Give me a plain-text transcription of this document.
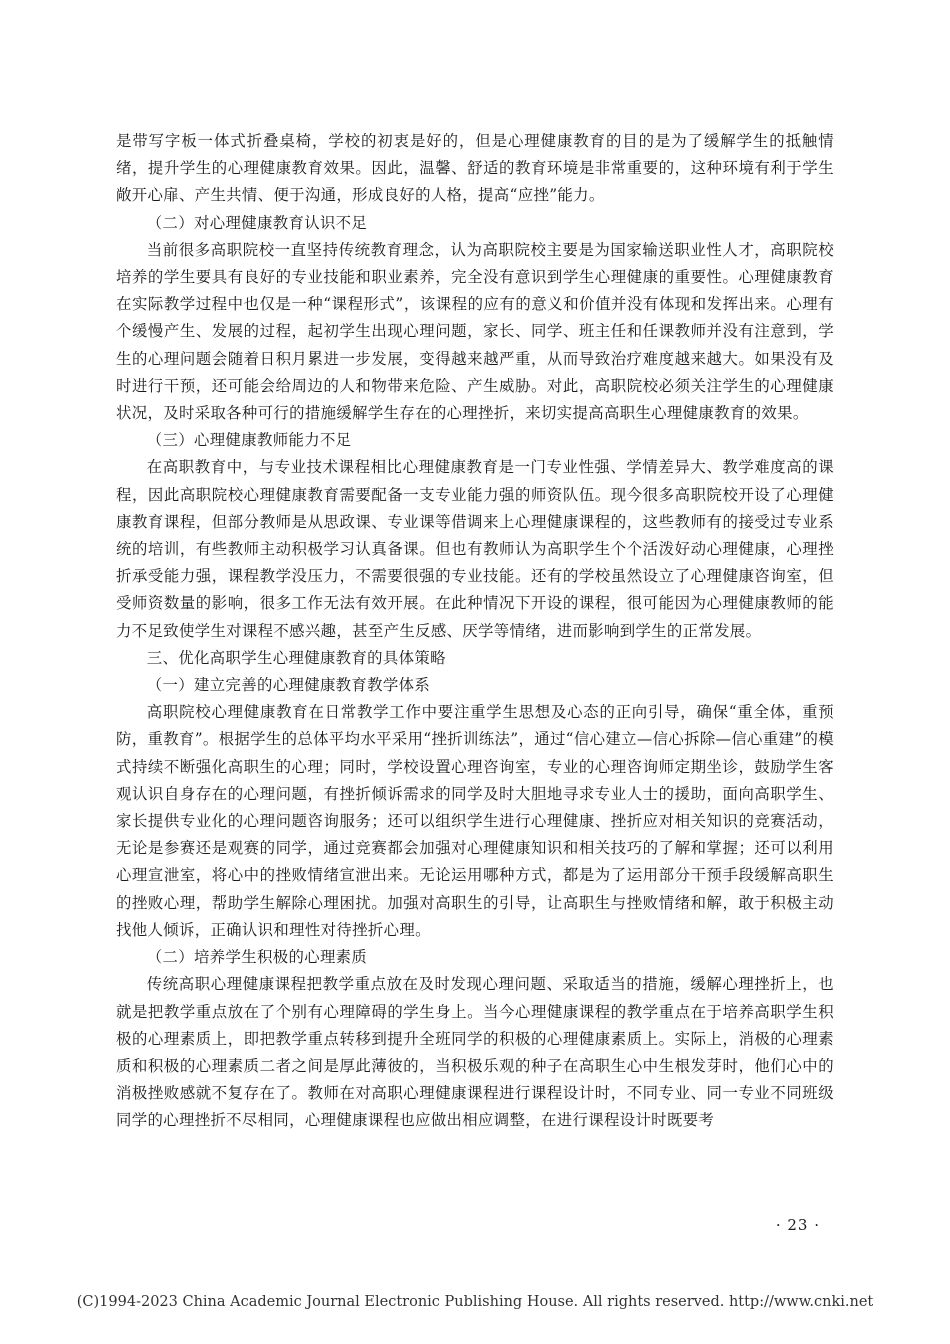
是带写字板一体式折叠桌椅，学校的初衷是好的，但是心理健康教育的目的是为了缓解学生的抵触情绪，提升学生的心理健康教育效果。因此，温馨、舒适的教育环境是非常重要的，这种环境有利于学生敞开心扉、产生共情、便于沟通，形成良好的人格，提高“应挫”能力。

（二）对心理健康教育认识不足

当前很多高职院校一直坚持传统教育理念，认为高职院校主要是为国家输送职业性人才，高职院校培养的学生要具有良好的专业技能和职业素养，完全没有意识到学生心理健康的重要性。心理健康教育在实际教学过程中也仅是一种“课程形式”，该课程的应有的意义和价值并没有体现和发挥出来。心理有个缓慢产生、发展的过程，起初学生出现心理问题，家长、同学、班主任和任课教师并没有注意到，学生的心理问题会随着日积月累进一步发展，变得越来越严重，从而导致治疗难度越来越大。如果没有及时进行干预，还可能会给周边的人和物带来危险、产生威胁。对此，高职院校必须关注学生的心理健康状况，及时采取各种可行的措施缓解学生存在的心理挫折，来切实提高高职生心理健康教育的效果。

（三）心理健康教师能力不足

在高职教育中，与专业技术课程相比心理健康教育是一门专业性强、学情差异大、教学难度高的课程，因此高职院校心理健康教育需要配备一支专业能力强的师资队伍。现今很多高职院校开设了心理健康教育课程，但部分教师是从思政课、专业课等借调来上心理健康课程的，这些教师有的接受过专业系统的培训，有些教师主动积极学习认真备课。但也有教师认为高职学生个个活泼好动心理健康，心理挫折承受能力强，课程教学没压力，不需要很强的专业技能。还有的学校虽然设立了心理健康咨询室，但受师资数量的影响，很多工作无法有效开展。在此种情况下开设的课程，很可能因为心理健康教师的能力不足致使学生对课程不感兴趣，甚至产生反感、厌学等情绪，进而影响到学生的正常发展。

三、优化高职学生心理健康教育的具体策略

（一）建立完善的心理健康教育教学体系

高职院校心理健康教育在日常教学工作中要注重学生思想及心态的正向引导，确保“重全体，重预防，重教育”。根据学生的总体平均水平采用“挫折训练法”，通过“信心建立—信心拆除—信心重建”的模式持续不断强化高职生的心理；同时，学校设置心理咨询室，专业的心理咨询师定期坐诊，鼓励学生客观认识自身存在的心理问题，有挫折倾诉需求的同学及时大胆地寻求专业人士的援助，面向高职学生、家长提供专业化的心理问题咨询服务；还可以组织学生进行心理健康、挫折应对相关知识的竞赛活动，无论是参赛还是观赛的同学，通过竞赛都会加强对心理健康知识和相关技巧的了解和掌握；还可以利用心理宣泄室，将心中的挫败情绪宣泄出来。无论运用哪种方式，都是为了运用部分干预手段缓解高职生的挫败心理，帮助学生解除心理困扰。加强对高职生的引导，让高职生与挫败情绪和解，敢于积极主动找他人倾诉，正确认识和理性对待挫折心理。

（二）培养学生积极的心理素质

传统高职心理健康课程把教学重点放在及时发现心理问题、采取适当的措施，缓解心理挫折上，也就是把教学重点放在了个别有心理障碍的学生身上。当今心理健康课程的教学重点在于培养高职学生积极的心理素质上，即把教学重点转移到提升全班同学的积极的心理健康素质上。实际上，消极的心理素质和积极的心理素质二者之间是厚此薄彼的，当积极乐观的种子在高职生心中生根发芽时，他们心中的消极挫败感就不复存在了。教师在对高职心理健康课程进行课程设计时，不同专业、同一专业不同班级同学的心理挫折不尽相同，心理健康课程也应做出相应调整，在进行课程设计时既要考

· 23 ·
(C)1994-2023 China Academic Journal Electronic Publishing House. All rights reserved. http://www.cnki.net
